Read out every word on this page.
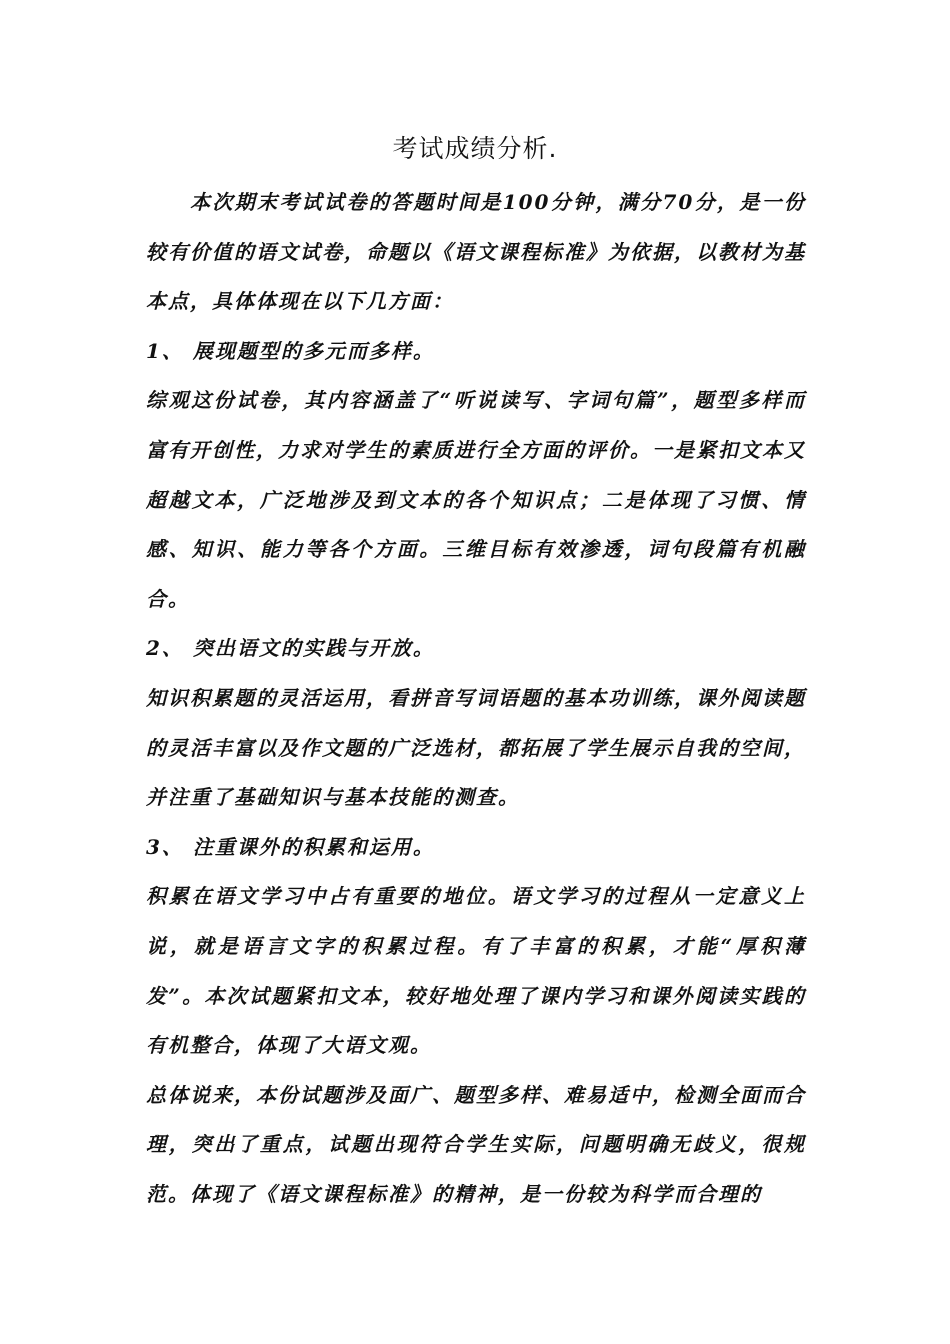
考试成绩分析.

本次期末考试试卷的答题时间是100分钟，满分70分，是一份较有价值的语文试卷，命题以《语文课程标准》为依据，以教材为基本点，具体体现在以下几方面：

1、 展现题型的多元而多样。

综观这份试卷，其内容涵盖了“听说读写、字词句篇”，题型多样而富有开创性，力求对学生的素质进行全方面的评价。一是紧扣文本又超越文本，广泛地涉及到文本的各个知识点；二是体现了习惯、情感、知识、能力等各个方面。三维目标有效渗透，词句段篇有机融合。

2、 突出语文的实践与开放。

知识积累题的灵活运用，看拼音写词语题的基本功训练，课外阅读题的灵活丰富以及作文题的广泛选材，都拓展了学生展示自我的空间，并注重了基础知识与基本技能的测查。

3、 注重课外的积累和运用。

积累在语文学习中占有重要的地位。语文学习的过程从一定意义上说，就是语言文字的积累过程。有了丰富的积累，才能“厚积薄发”。本次试题紧扣文本，较好地处理了课内学习和课外阅读实践的有机整合，体现了大语文观。

总体说来，本份试题涉及面广、题型多样、难易适中，检测全面而合理，突出了重点，试题出现符合学生实际，问题明确无歧义，很规范。体现了《语文课程标准》的精神，是一份较为科学而合理的
